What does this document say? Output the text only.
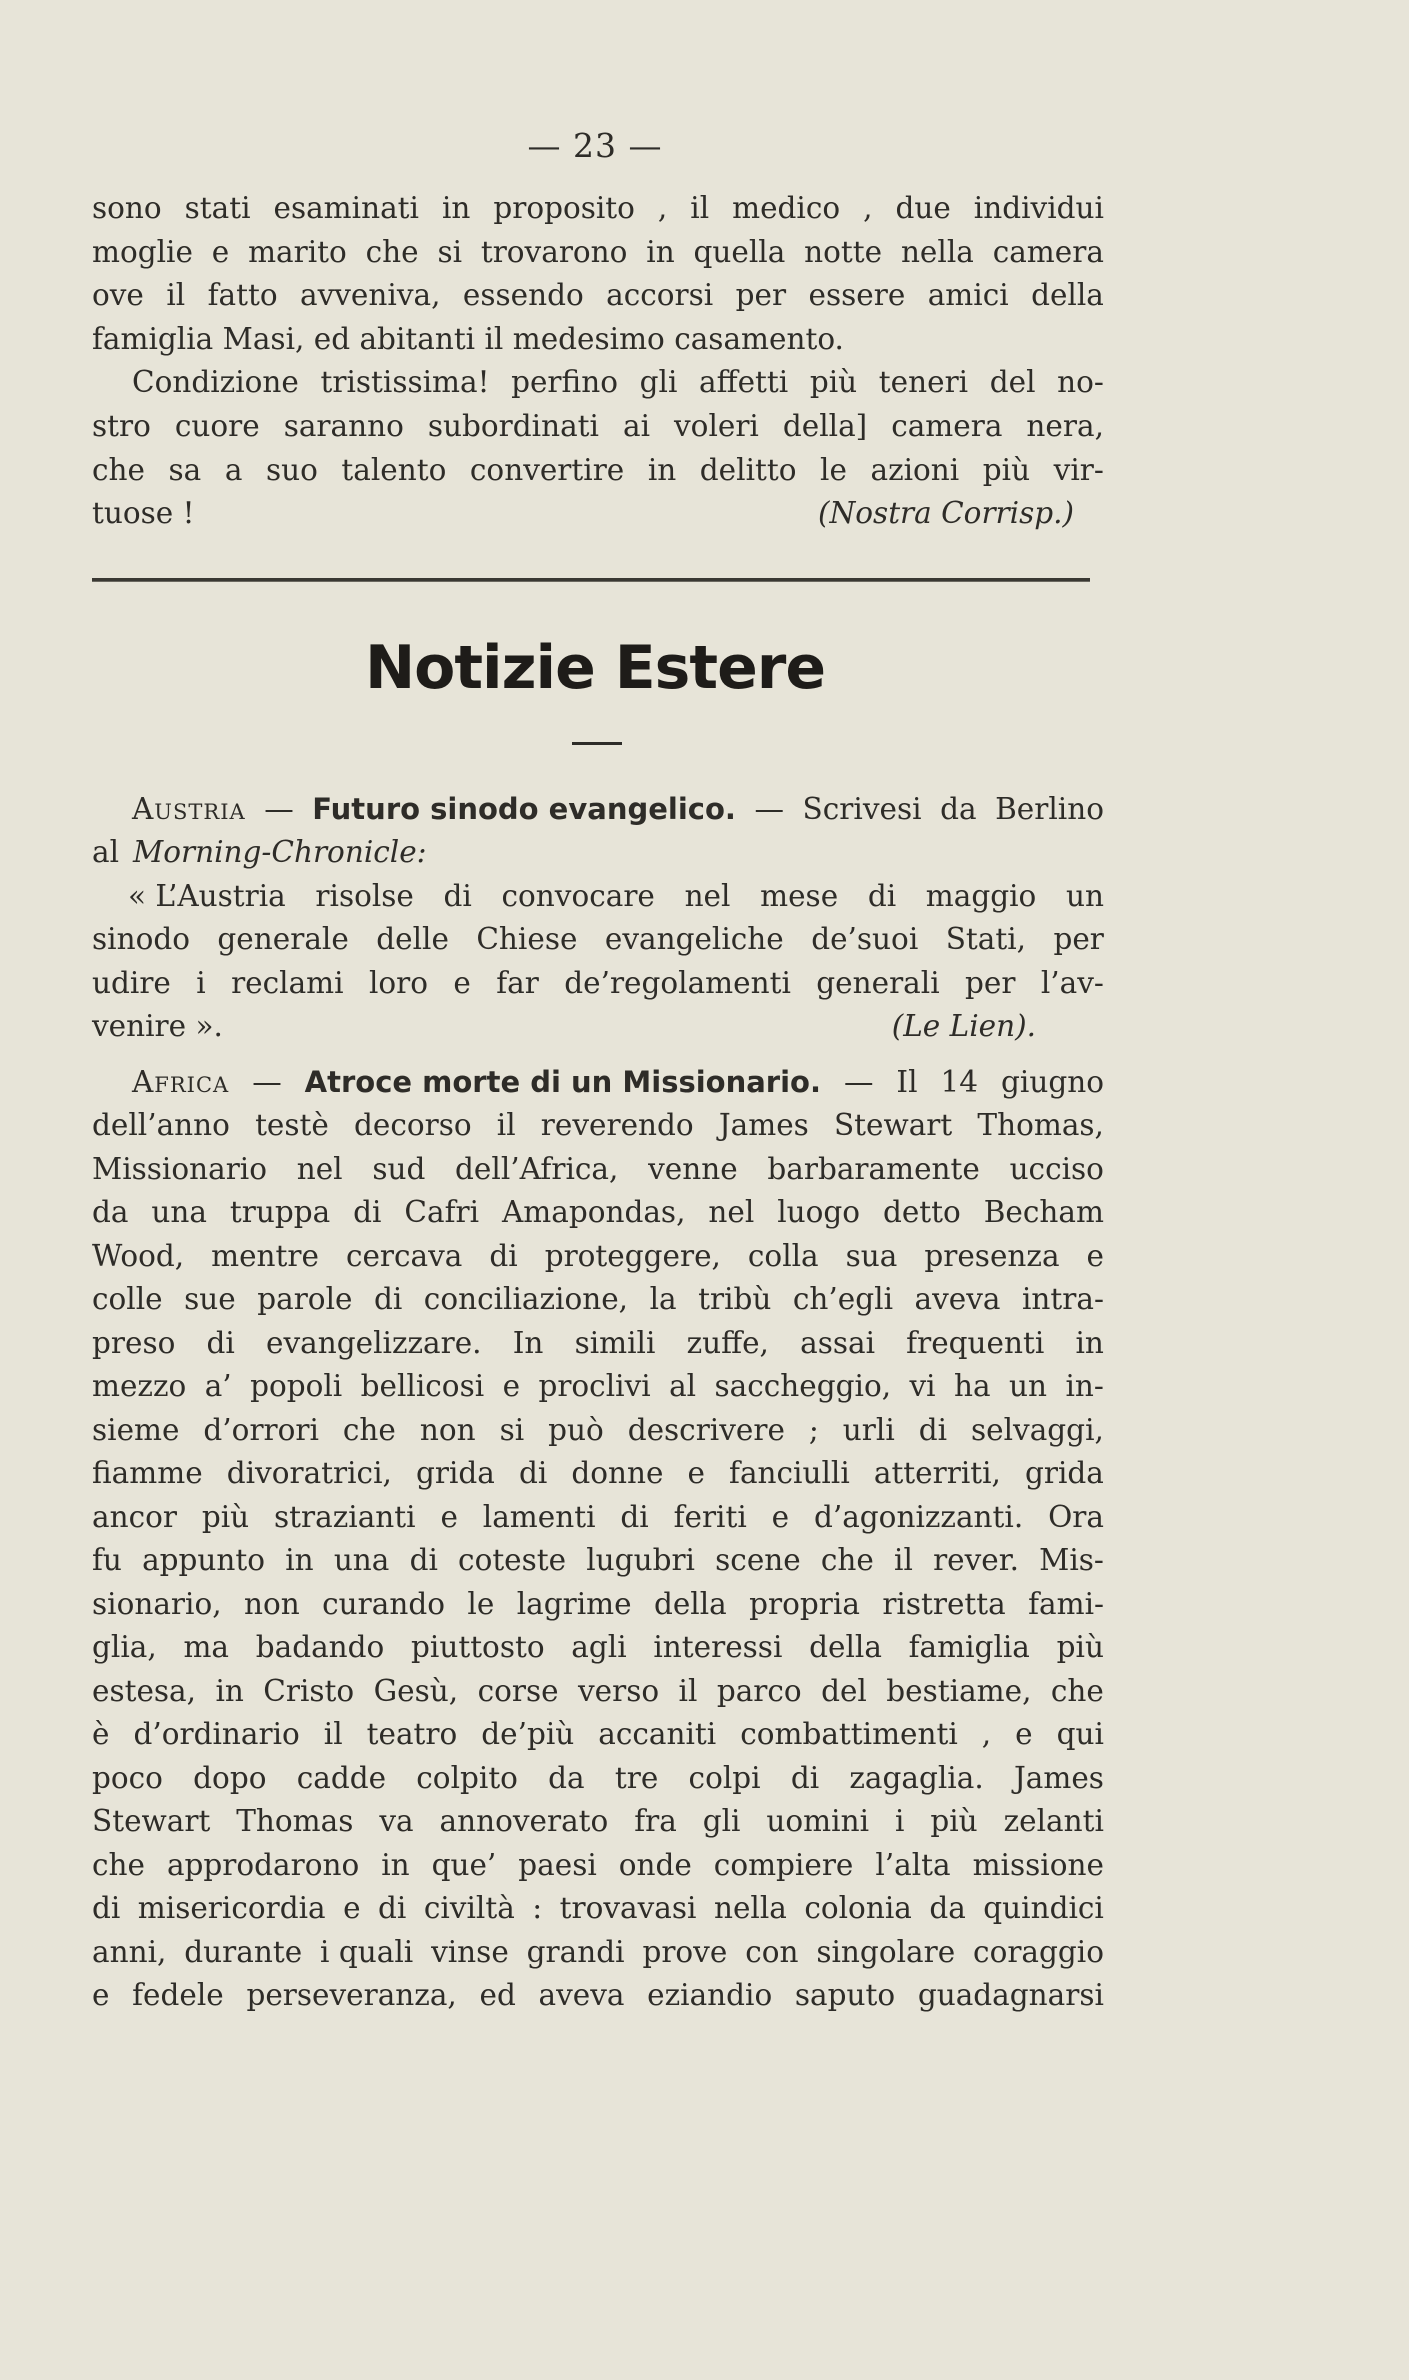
— 23 —
sono stati esaminati in proposito , il medico , due individui
moglie e marito che si trovarono in quella notte nella camera
ove il fatto avveniva, essendo accorsi per essere amici della
famiglia Masi, ed abitanti il medesimo casamento.
Condizione tristissima! perfino gli affetti più teneri del no-
stro cuore saranno subordinati ai voleri della] camera nera,
che sa a suo talento convertire in delitto le azioni più vir-
tuose !	(Nostra Corrisp.)
Notizie Estere
Austria — Futuro sinodo evangelico. — Scrivesi da Berlino
al Morning-Chronicle:
« L’Austria risolse di convocare nel mese di maggio un
sinodo generale delle Chiese evangeliche de’suoi Stati, per
udire i reclami loro e far de’regolamenti generali per l’av-
venire ».	(Le Lien).
Africa — Atroce morte di un Missionario. — Il 14 giugno
dell’anno testè decorso il reverendo James Stewart Thomas,
Missionario nel sud dell’Africa, venne barbaramente ucciso
da una truppa di Cafri Amapondas, nel luogo detto Becham
Wood, mentre cercava di proteggere, colla sua presenza e
colle sue parole di conciliazione, la tribù ch’egli aveva intra-
preso di evangelizzare. In simili zuffe, assai frequenti in
mezzo a’ popoli bellicosi e proclivi al saccheggio, vi ha un in-
sieme d’orrori che non si può descrivere ; urli di selvaggi,
fiamme divoratrici, grida di donne e fanciulli atterriti, grida
ancor più strazianti e lamenti di feriti e d’agonizzanti. Ora
fu appunto in una di coteste lugubri scene che il rever. Mis-
sionario, non curando le lagrime della propria ristretta fami-
glia, ma badando piuttosto agli interessi della famiglia più
estesa, in Cristo Gesù, corse verso il parco del bestiame, che
è d’ordinario il teatro de’più accaniti combattimenti , e qui
poco dopo cadde colpito da tre colpi di zagaglia. James
Stewart Thomas va annoverato fra gli uomini i più zelanti
che approdarono in que’ paesi onde compiere l’alta missione
di misericordia e di civiltà : trovavasi nella colonia da quindici
anni, durante i quali vinse grandi prove con singolare coraggio
e fedele perseveranza, ed aveva eziandio saputo guadagnarsi
